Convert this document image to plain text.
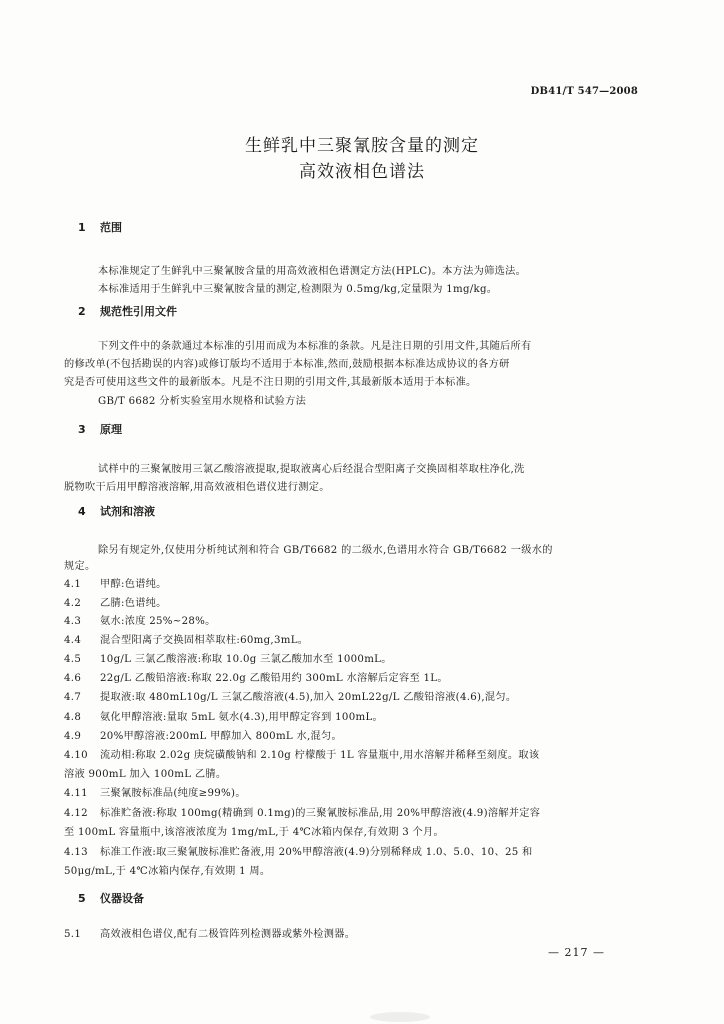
DB41/T 547—2008
生鲜乳中三聚氰胺含量的测定
高效液相色谱法
1 范围
本标准规定了生鲜乳中三聚氰胺含量的用高效液相色谱测定方法(HPLC)。本方法为筛选法。
本标准适用于生鲜乳中三聚氰胺含量的测定,检测限为 0.5mg/kg,定量限为 1mg/kg。
2 规范性引用文件
下列文件中的条款通过本标准的引用而成为本标准的条款。凡是注日期的引用文件,其随后所有
的修改单(不包括勘误的内容)或修订版均不适用于本标准,然而,鼓励根据本标准达成协议的各方研
究是否可使用这些文件的最新版本。凡是不注日期的引用文件,其最新版本适用于本标准。
GB/T 6682 分析实验室用水规格和试验方法
3 原理
试样中的三聚氰胺用三氯乙酸溶液提取,提取液离心后经混合型阳离子交换固相萃取柱净化,洗
脱物吹干后用甲醇溶液溶解,用高效液相色谱仪进行测定。
4 试剂和溶液
除另有规定外,仅使用分析纯试剂和符合 GB/T6682 的二级水,色谱用水符合 GB/T6682 一级水的
规定。
4.1 甲醇:色谱纯。
4.2 乙腈:色谱纯。
4.3 氨水:浓度 25%~28%。
4.4 混合型阳离子交换固相萃取柱:60mg,3mL。
4.5 10g/L 三氯乙酸溶液:称取 10.0g 三氯乙酸加水至 1000mL。
4.6 22g/L 乙酸铅溶液:称取 22.0g 乙酸铅用约 300mL 水溶解后定容至 1L。
4.7 提取液:取 480mL10g/L 三氯乙酸溶液(4.5),加入 20mL22g/L 乙酸铅溶液(4.6),混匀。
4.8 氨化甲醇溶液:量取 5mL 氨水(4.3),用甲醇定容到 100mL。
4.9 20%甲醇溶液:200mL 甲醇加入 800mL 水,混匀。
4.10 流动相:称取 2.02g 庚烷磺酸钠和 2.10g 柠檬酸于 1L 容量瓶中,用水溶解并稀释至刻度。取该
溶液 900mL 加入 100mL 乙腈。
4.11 三聚氰胺标准品(纯度≥99%)。
4.12 标准贮备液:称取 100mg(精确到 0.1mg)的三聚氰胺标准品,用 20%甲醇溶液(4.9)溶解并定容
至 100mL 容量瓶中,该溶液浓度为 1mg/mL,于 4℃冰箱内保存,有效期 3 个月。
4.13 标准工作液:取三聚氰胺标准贮备液,用 20%甲醇溶液(4.9)分别稀释成 1.0、5.0、10、25 和
50μg/mL,于 4℃冰箱内保存,有效期 1 周。
5 仪器设备
5.1 高效液相色谱仪,配有二极管阵列检测器或紫外检测器。
— 217 —
